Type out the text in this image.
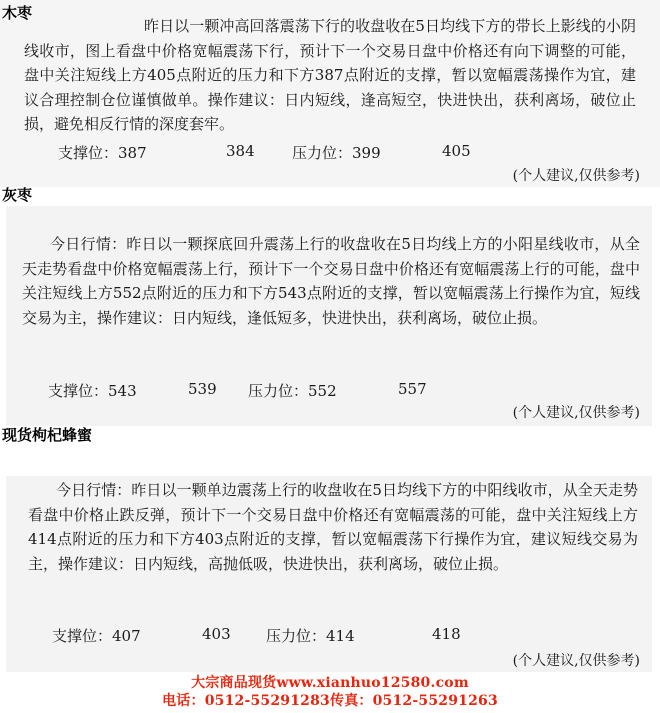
木枣
昨日以一颗冲高回落震荡下行的收盘收在5日均线下方的带长上影线的小阴线收市，图上看盘中价格宽幅震荡下行，预计下一个交易日盘中价格还有向下调整的可能，盘中关注短线上方405点附近的压力和下方387点附近的支撑，暂以宽幅震荡操作为宜，建议合理控制仓位谨慎做单。操作建议：日内短线，逢高短空，快进快出，获利离场，破位止损，避免相反行情的深度套牢。
支撑位：387	384 压力位：399	405
(个人建议,仅供参考)
灰枣
今日行情：昨日以一颗探底回升震荡上行的收盘收在5日均线上方的小阳星线收市，从全天走势看盘中价格宽幅震荡上行，预计下一个交易日盘中价格还有宽幅震荡上行的可能，盘中关注短线上方552点附近的压力和下方543点附近的支撑，暂以宽幅震荡上行操作为宜，短线交易为主，操作建议：日内短线，逢低短多，快进快出，获利离场，破位止损。
支撑位：543	539 压力位：552	557
(个人建议,仅供参考)
现货枸杞蜂蜜
今日行情：昨日以一颗单边震荡上行的收盘收在5日均线下方的中阳线收市，从全天走势看盘中价格止跌反弹，预计下一个交易日盘中价格还有宽幅震荡的可能，盘中关注短线上方414点附近的压力和下方403点附近的支撑，暂以宽幅震荡下行操作为宜，建议短线交易为主，操作建议：日内短线，高抛低吸，快进快出，获利离场，破位止损。
支撑位：407	403 压力位：414	418
(个人建议,仅供参考)
大宗商品现货www.xianhuo12580.com
电话：0512-55291283传真：0512-55291263
